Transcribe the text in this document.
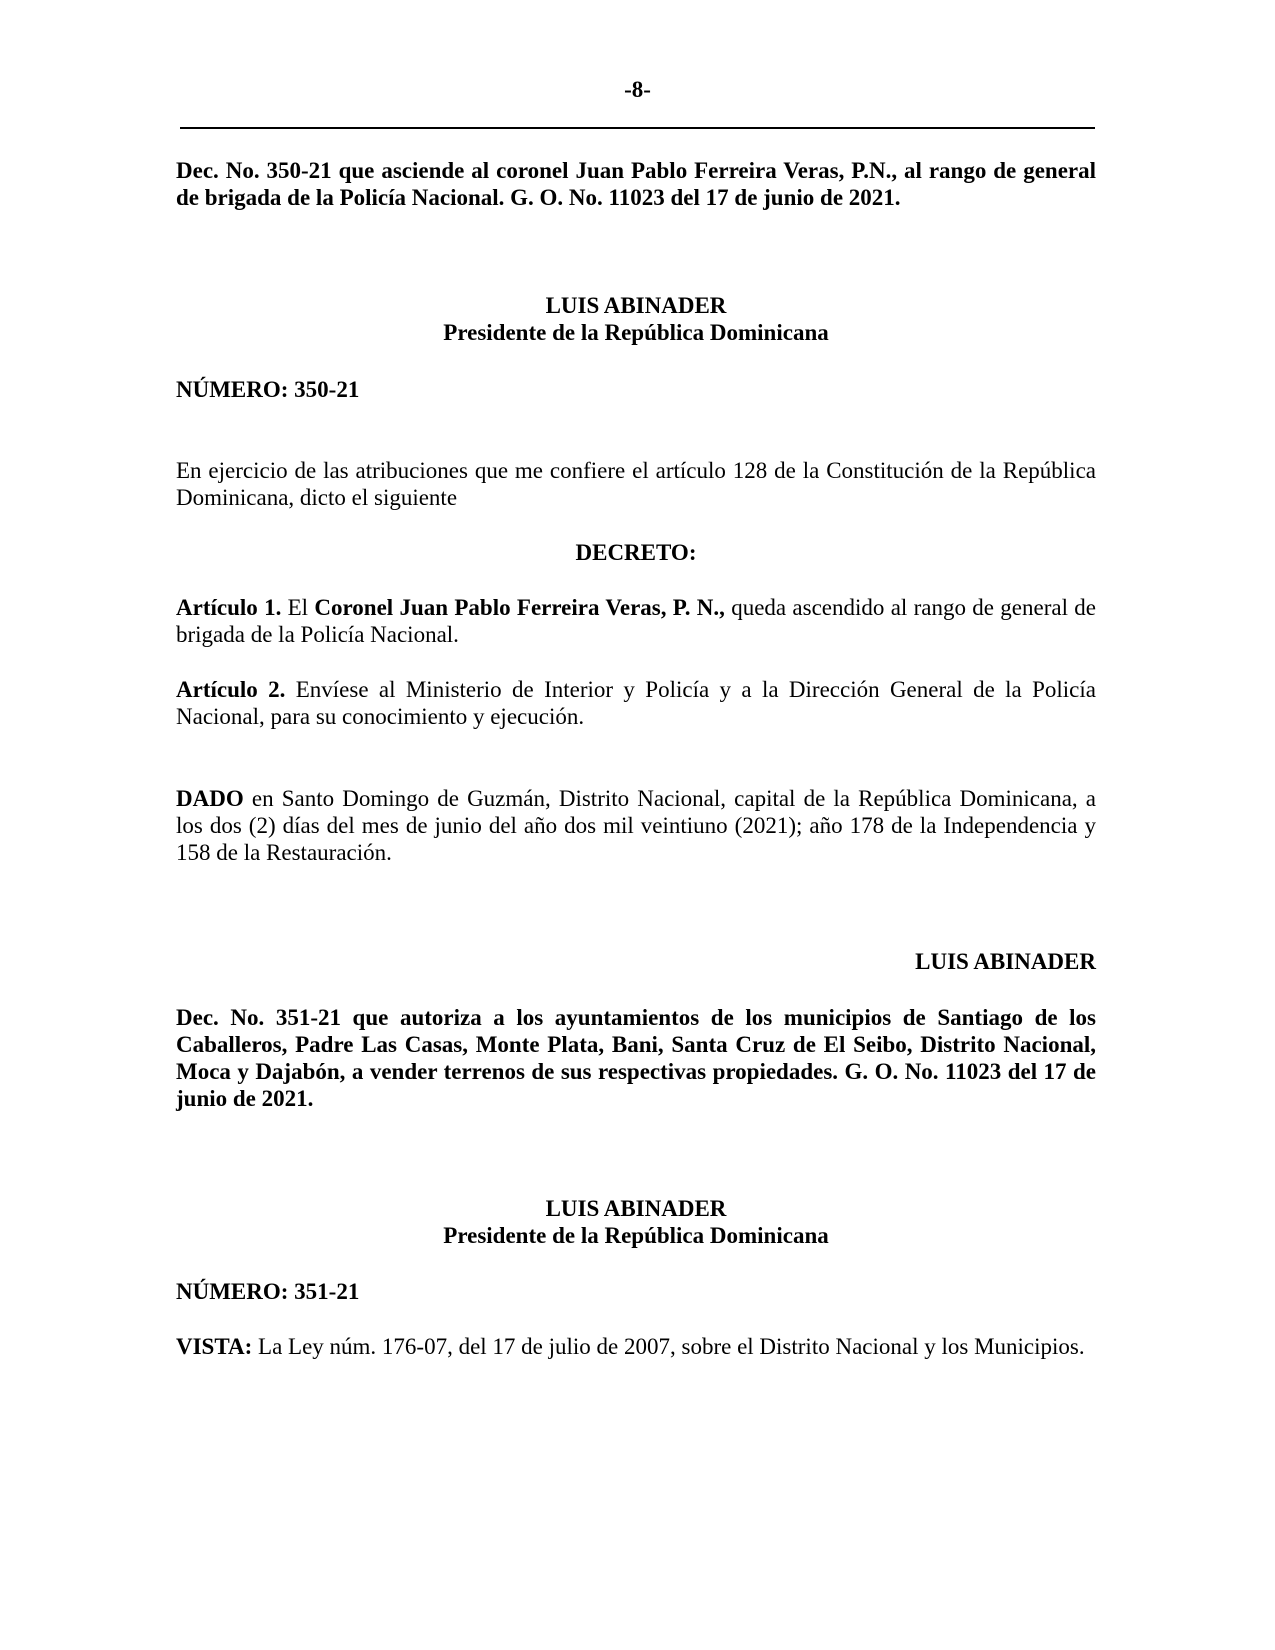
-8-

Dec. No. 350-21 que asciende al coronel Juan Pablo Ferreira Veras, P.N., al rango de general de brigada de la Policía Nacional. G. O. No. 11023 del 17 de junio de 2021.

LUIS ABINADER

Presidente de la República Dominicana

NÚMERO: 350-21

En ejercicio de las atribuciones que me confiere el artículo 128 de la Constitución de la República Dominicana, dicto el siguiente

DECRETO:

Artículo 1. El Coronel Juan Pablo Ferreira Veras, P. N., queda ascendido al rango de general de brigada de la Policía Nacional.

Artículo 2. Envíese al Ministerio de Interior y Policía y a la Dirección General de la Policía Nacional, para su conocimiento y ejecución.

DADO en Santo Domingo de Guzmán, Distrito Nacional, capital de la República Dominicana, a los dos (2) días del mes de junio del año dos mil veintiuno (2021); año 178 de la Independencia y 158 de la Restauración.

LUIS ABINADER

Dec. No. 351-21 que autoriza a los ayuntamientos de los municipios de Santiago de los Caballeros, Padre Las Casas, Monte Plata, Bani, Santa Cruz de El Seibo, Distrito Nacional, Moca y Dajabón, a vender terrenos de sus respectivas propiedades. G. O. No. 11023 del 17 de junio de 2021.

LUIS ABINADER

Presidente de la República Dominicana

NÚMERO: 351-21

VISTA: La Ley núm. 176-07, del 17 de julio de 2007, sobre el Distrito Nacional y los Municipios.
